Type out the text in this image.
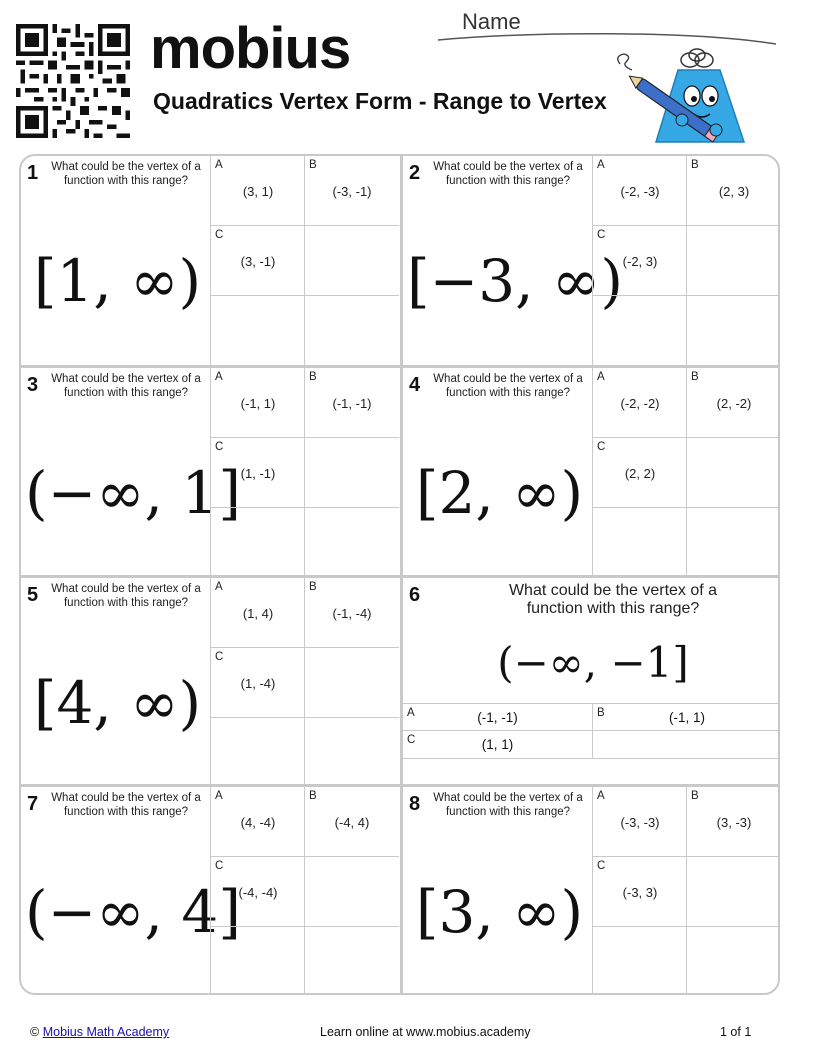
mobius
Quadratics Vertex Form - Range to Vertex
Name
1 What could be the vertex of a function with this range?
[1, ∞)
A
(3, 1)
B
(-3, -1)
C
(3, -1)
2 What could be the vertex of a function with this range?
[−3, ∞)
A
(-2, -3)
B
(2, 3)
C
(-2, 3)
3 What could be the vertex of a function with this range?
(−∞, 1]
A
(-1, 1)
B
(-1, -1)
C
(1, -1)
4 What could be the vertex of a function with this range?
[2, ∞)
A
(-2, -2)
B
(2, -2)
C
(2, 2)
5 What could be the vertex of a function with this range?
[4, ∞)
A
(1, 4)
B
(-1, -4)
C
(1, -4)
6	What could be the vertex of a function with this range?
(−∞, −1]
A	(-1, -1)	B	(-1, 1)
C	(1, 1)
7 What could be the vertex of a function with this range?
(−∞, 4]
A
(4, -4)
B
(-4, 4)
C
(-4, -4)
8 What could be the vertex of a function with this range?
[3, ∞)
A
(-3, -3)
B
(3, -3)
C
(-3, 3)
© Mobius Math Academy	Learn online at www.mobius.academy	1 of 1
